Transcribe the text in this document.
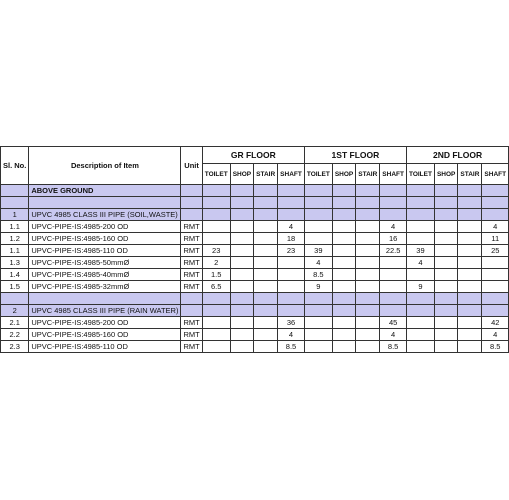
Sl. No.	Description of Item	Unit	GR FLOOR				1ST FLOOR				2ND FLOOR			
			TOILET	SHOP	STAIR	SHAFT	TOILET	SHOP	STAIR	SHAFT	TOILET	SHOP	STAIR	SHAFT
	ABOVE GROUND													

1	UPVC 4985 CLASS III PIPE (SOIL,WASTE)													
1.1	UPVC-PIPE-IS:4985-200 OD	RMT				4				4				4
1.2	UPVC-PIPE-IS:4985-160 OD	RMT				18				16				11
1.1	UPVC-PIPE-IS:4985-110 OD	RMT	23			23	39			22.5	39			25
1.3	UPVC-PIPE-IS:4985-50mmØ	RMT	2				4				4			
1.4	UPVC-PIPE-IS:4985-40mmØ	RMT	1.5				8.5							
1.5	UPVC-PIPE-IS:4985-32mmØ	RMT	6.5				9				9			

2	UPVC 4985 CLASS III PIPE (RAIN WATER)													
2.1	UPVC-PIPE-IS:4985-200 OD	RMT				36				45				42
2.2	UPVC-PIPE-IS:4985-160 OD	RMT				4				4				4
2.3	UPVC-PIPE-IS:4985-110 OD	RMT				8.5				8.5				8.5
